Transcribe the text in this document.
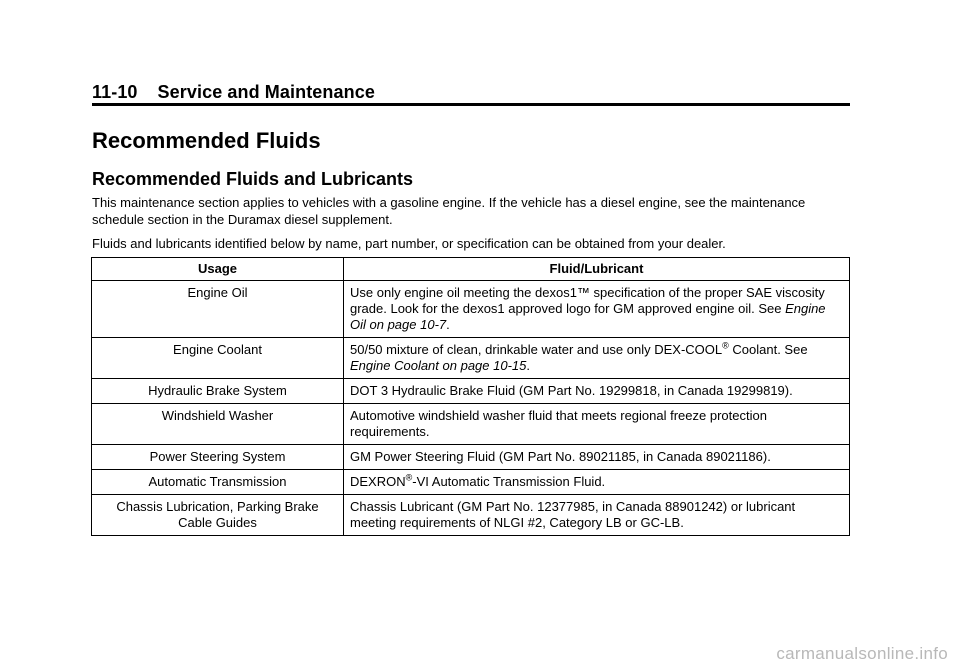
11-10 Service and Maintenance
Recommended Fluids
Recommended Fluids and Lubricants

This maintenance section applies to vehicles with a gasoline engine. If the vehicle has a diesel engine, see the maintenance schedule section in the Duramax diesel supplement.

Fluids and lubricants identified below by name, part number, or specification can be obtained from your dealer.

Usage	Fluid/Lubricant
Engine Oil	Use only engine oil meeting the dexos1™ specification of the proper SAE viscosity grade. Look for the dexos1 approved logo for GM approved engine oil. See Engine Oil on page 10-7.
Engine Coolant	50/50 mixture of clean, drinkable water and use only DEX-COOL® Coolant. See Engine Coolant on page 10-15.
Hydraulic Brake System	DOT 3 Hydraulic Brake Fluid (GM Part No. 19299818, in Canada 19299819).
Windshield Washer	Automotive windshield washer fluid that meets regional freeze protection requirements.
Power Steering System	GM Power Steering Fluid (GM Part No. 89021185, in Canada 89021186).
Automatic Transmission	DEXRON®-VI Automatic Transmission Fluid.
Chassis Lubrication, Parking Brake Cable Guides	Chassis Lubricant (GM Part No. 12377985, in Canada 88901242) or lubricant meeting requirements of NLGI #2, Category LB or GC-LB.
carmanualsonline.info
